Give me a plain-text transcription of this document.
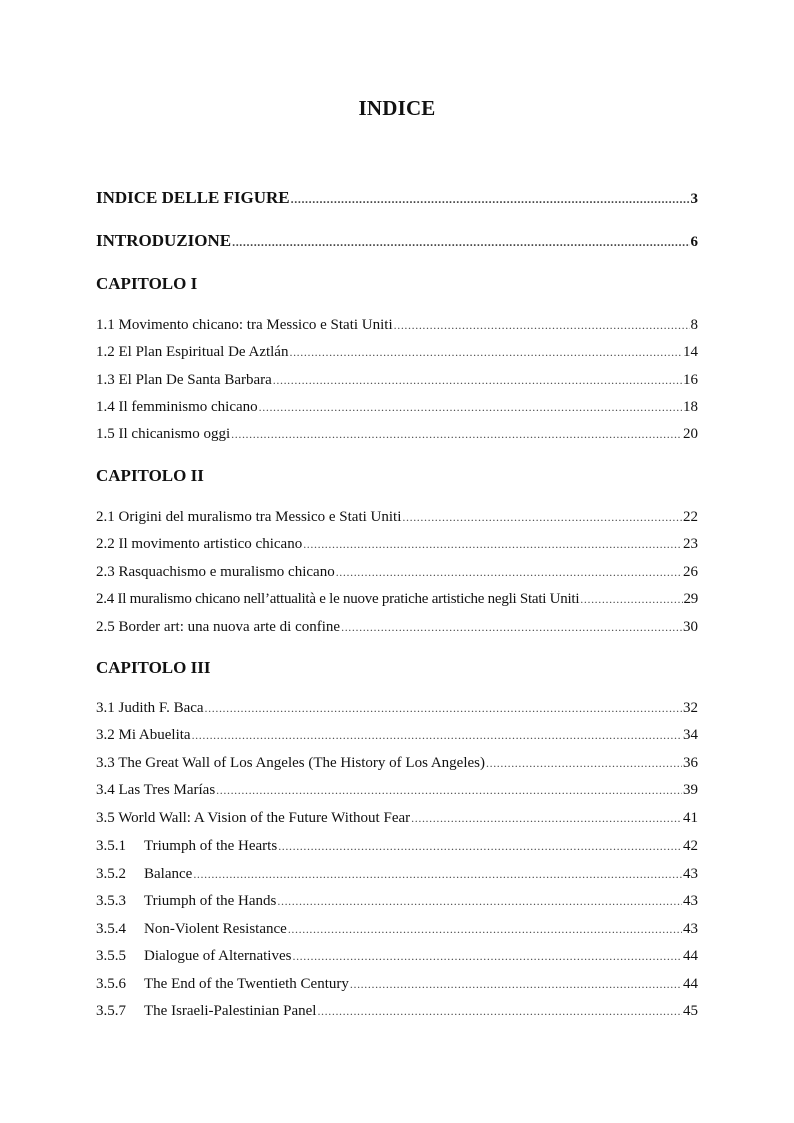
INDICE
INDICE DELLE FIGURE . . .	3
INTRODUZIONE . . .	6
CAPITOLO I
1.1 Movimento chicano: tra Messico e Stati Uniti . . .	8
1.2 El Plan Espiritual De Aztlán . . .	14
1.3 El Plan De Santa Barbara . . .	16
1.4 Il femminismo chicano . . .	18
1.5 Il chicanismo oggi . . .	20
CAPITOLO II
2.1 Origini del muralismo tra Messico e Stati Uniti . . .	22
2.2 Il movimento artistico chicano . . .	23
2.3 Rasquachismo e muralismo chicano . . .	26
2.4 Il muralismo chicano nell’attualità e le nuove pratiche artistiche negli Stati Uniti . . .	29
2.5 Border art: una nuova arte di confine . . .	30
CAPITOLO III
3.1 Judith F. Baca . . .	32
3.2 Mi Abuelita . . .	34
3.3 The Great Wall of Los Angeles (The History of Los Angeles) . . .	36
3.4 Las Tres Marías . . .	39
3.5 World Wall: A Vision of the Future Without Fear . . .	41
3.5.1 Triumph of the Hearts . . .	42
3.5.2 Balance . . .	43
3.5.3 Triumph of the Hands . . .	43
3.5.4 Non-Violent Resistance . . .	43
3.5.5 Dialogue of Alternatives . . .	44
3.5.6 The End of the Twentieth Century . . .	44
3.5.7 The Israeli-Palestinian Panel . . .	45
